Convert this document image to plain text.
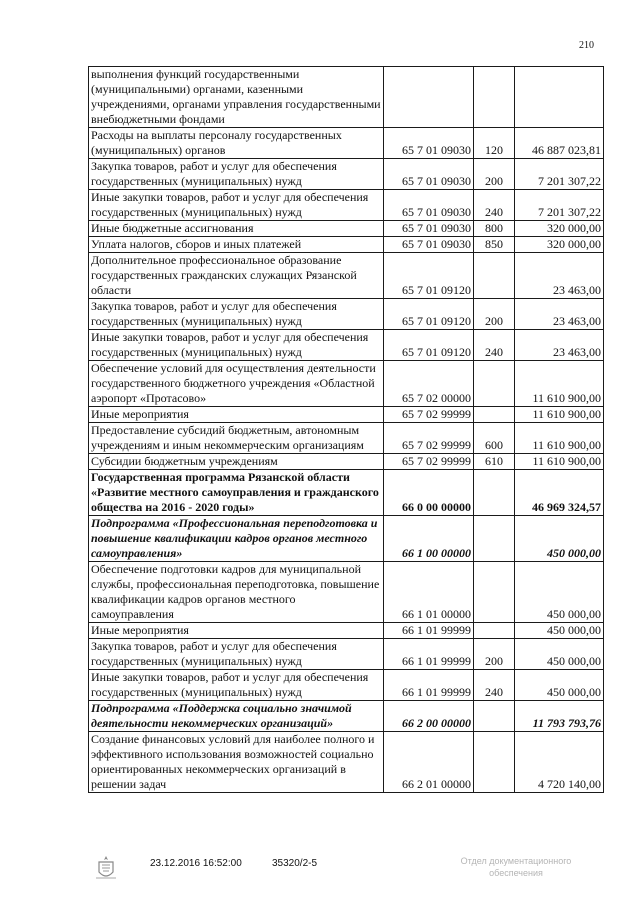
210
выполнения функций государственными (муниципальными) органами, казенными учреждениями, органами управления государственными внебюджетными фондами			
Расходы на выплаты персоналу государственных (муниципальных) органов	65 7 01 09030	120	46 887 023,81
Закупка товаров, работ и услуг для обеспечения государственных (муниципальных) нужд	65 7 01 09030	200	7 201 307,22
Иные закупки товаров, работ и услуг для обеспечения государственных (муниципальных) нужд	65 7 01 09030	240	7 201 307,22
Иные бюджетные ассигнования	65 7 01 09030	800	320 000,00
Уплата налогов, сборов и иных платежей	65 7 01 09030	850	320 000,00
Дополнительное профессиональное образование государственных гражданских служащих Рязанской области	65 7 01 09120		23 463,00
Закупка товаров, работ и услуг для обеспечения государственных (муниципальных) нужд	65 7 01 09120	200	23 463,00
Иные закупки товаров, работ и услуг для обеспечения государственных (муниципальных) нужд	65 7 01 09120	240	23 463,00
Обеспечение условий для осуществления деятельности государственного бюджетного учреждения «Областной аэропорт «Протасово»	65 7 02 00000		11 610 900,00
Иные мероприятия	65 7 02 99999		11 610 900,00
Предоставление субсидий бюджетным, автономным учреждениям и иным некоммерческим организациям	65 7 02 99999	600	11 610 900,00
Субсидии бюджетным учреждениям	65 7 02 99999	610	11 610 900,00
Государственная программа Рязанской области «Развитие местного самоуправления и гражданского общества на 2016 - 2020 годы»	66 0 00 00000		46 969 324,57
Подпрограмма «Профессиональная переподготовка и повышение квалификации кадров органов местного самоуправления»	66 1 00 00000		450 000,00
Обеспечение подготовки кадров для муниципальной службы, профессиональная переподготовка, повышение квалификации кадров органов местного самоуправления	66 1 01 00000		450 000,00
Иные мероприятия	66 1 01 99999		450 000,00
Закупка товаров, работ и услуг для обеспечения государственных (муниципальных) нужд	66 1 01 99999	200	450 000,00
Иные закупки товаров, работ и услуг для обеспечения государственных (муниципальных) нужд	66 1 01 99999	240	450 000,00
Подпрограмма «Поддержка социально значимой деятельности некоммерческих организаций»	66 2 00 00000		11 793 793,76
Создание финансовых условий для наиболее полного и эффективного использования возможностей социально ориентированных некоммерческих организаций в решении задач	66 2 01 00000		4 720 140,00
23.12.2016 16:52:00	35320/2-5	Отдел документационного
обеспечения
